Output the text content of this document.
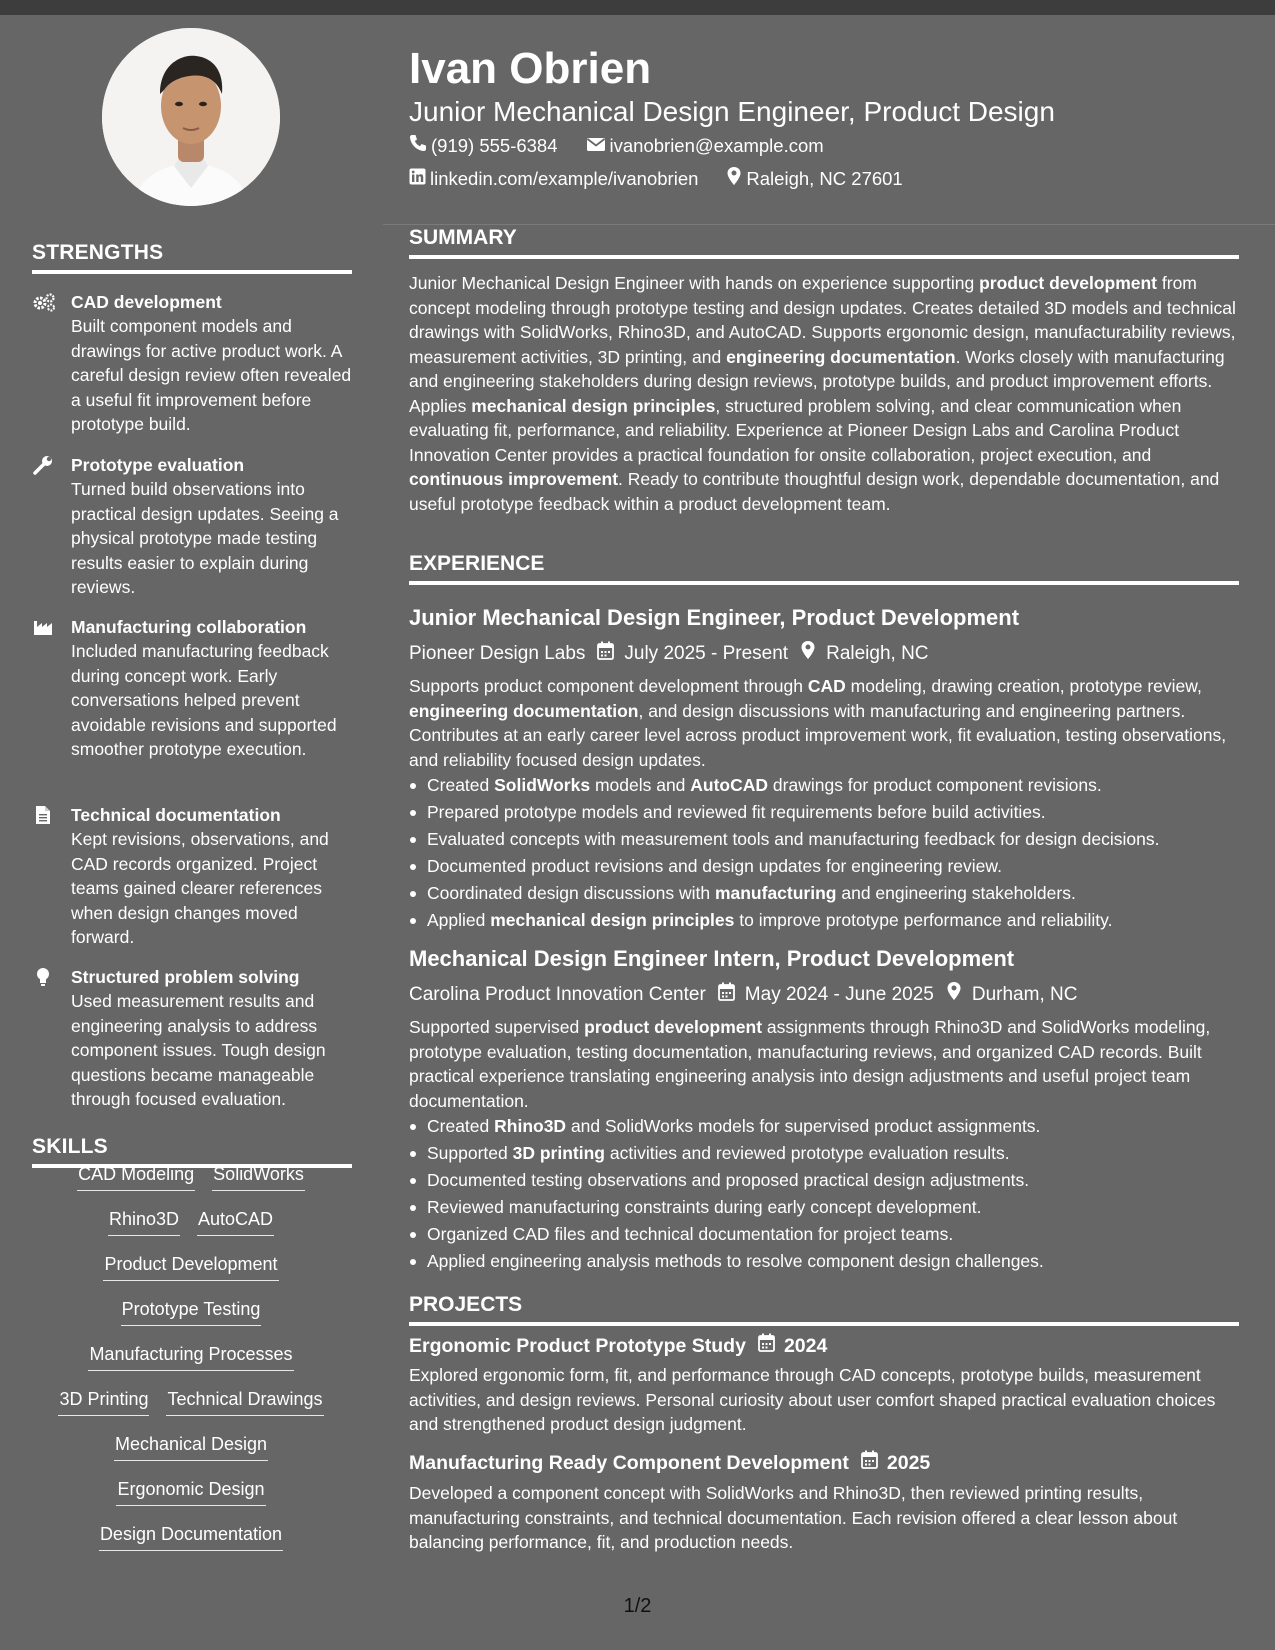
STRENGTHS
CAD development
Built component models and drawings for active product work. A careful design review often revealed a useful fit improvement before prototype build.
Prototype evaluation
Turned build observations into practical design updates. Seeing a physical prototype made testing results easier to explain during reviews.
Manufacturing collaboration
Included manufacturing feedback during concept work. Early conversations helped prevent avoidable revisions and supported smoother prototype execution.
Technical documentation
Kept revisions, observations, and CAD records organized. Project teams gained clearer references when design changes moved forward.
Structured problem solving
Used measurement results and engineering analysis to address component issues. Tough design questions became manageable through focused evaluation.
SKILLS
CAD Modeling SolidWorks
Rhino3D AutoCAD
Product Development
Prototype Testing
Manufacturing Processes
3D Printing Technical Drawings
Mechanical Design
Ergonomic Design
Design Documentation
Ivan Obrien
Junior Mechanical Design Engineer, Product Design
(919) 555-6384	ivanobrien@example.com
linkedin.com/example/ivanobrien	Raleigh, NC 27601
SUMMARY
Junior Mechanical Design Engineer with hands on experience supporting product development from concept modeling through prototype testing and design updates. Creates detailed 3D models and technical drawings with SolidWorks, Rhino3D, and AutoCAD. Supports ergonomic design, manufacturability reviews, measurement activities, 3D printing, and engineering documentation. Works closely with manufacturing and engineering stakeholders during design reviews, prototype builds, and product improvement efforts. Applies mechanical design principles, structured problem solving, and clear communication when evaluating fit, performance, and reliability. Experience at Pioneer Design Labs and Carolina Product Innovation Center provides a practical foundation for onsite collaboration, project execution, and continuous improvement. Ready to contribute thoughtful design work, dependable documentation, and useful prototype feedback within a product development team.
EXPERIENCE
Junior Mechanical Design Engineer, Product Development
Pioneer Design Labs July 2025 - Present Raleigh, NC
Supports product component development through CAD modeling, drawing creation, prototype review, engineering documentation, and design discussions with manufacturing and engineering partners. Contributes at an early career level across product improvement work, fit evaluation, testing observations, and reliability focused design updates.
Created SolidWorks models and AutoCAD drawings for product component revisions.
Prepared prototype models and reviewed fit requirements before build activities.
Evaluated concepts with measurement tools and manufacturing feedback for design decisions.
Documented product revisions and design updates for engineering review.
Coordinated design discussions with manufacturing and engineering stakeholders.
Applied mechanical design principles to improve prototype performance and reliability.
Mechanical Design Engineer Intern, Product Development
Carolina Product Innovation Center May 2024 - June 2025 Durham, NC
Supported supervised product development assignments through Rhino3D and SolidWorks modeling, prototype evaluation, testing documentation, manufacturing reviews, and organized CAD records. Built practical experience translating engineering analysis into design adjustments and useful project team documentation.
Created Rhino3D and SolidWorks models for supervised product assignments.
Supported 3D printing activities and reviewed prototype evaluation results.
Documented testing observations and proposed practical design adjustments.
Reviewed manufacturing constraints during early concept development.
Organized CAD files and technical documentation for project teams.
Applied engineering analysis methods to resolve component design challenges.
PROJECTS
Ergonomic Product Prototype Study 2024
Explored ergonomic form, fit, and performance through CAD concepts, prototype builds, measurement activities, and design reviews. Personal curiosity about user comfort shaped practical evaluation choices and strengthened product design judgment.
Manufacturing Ready Component Development 2025
Developed a component concept with SolidWorks and Rhino3D, then reviewed printing results, manufacturing constraints, and technical documentation. Each revision offered a clear lesson about balancing performance, fit, and production needs.
1/2
